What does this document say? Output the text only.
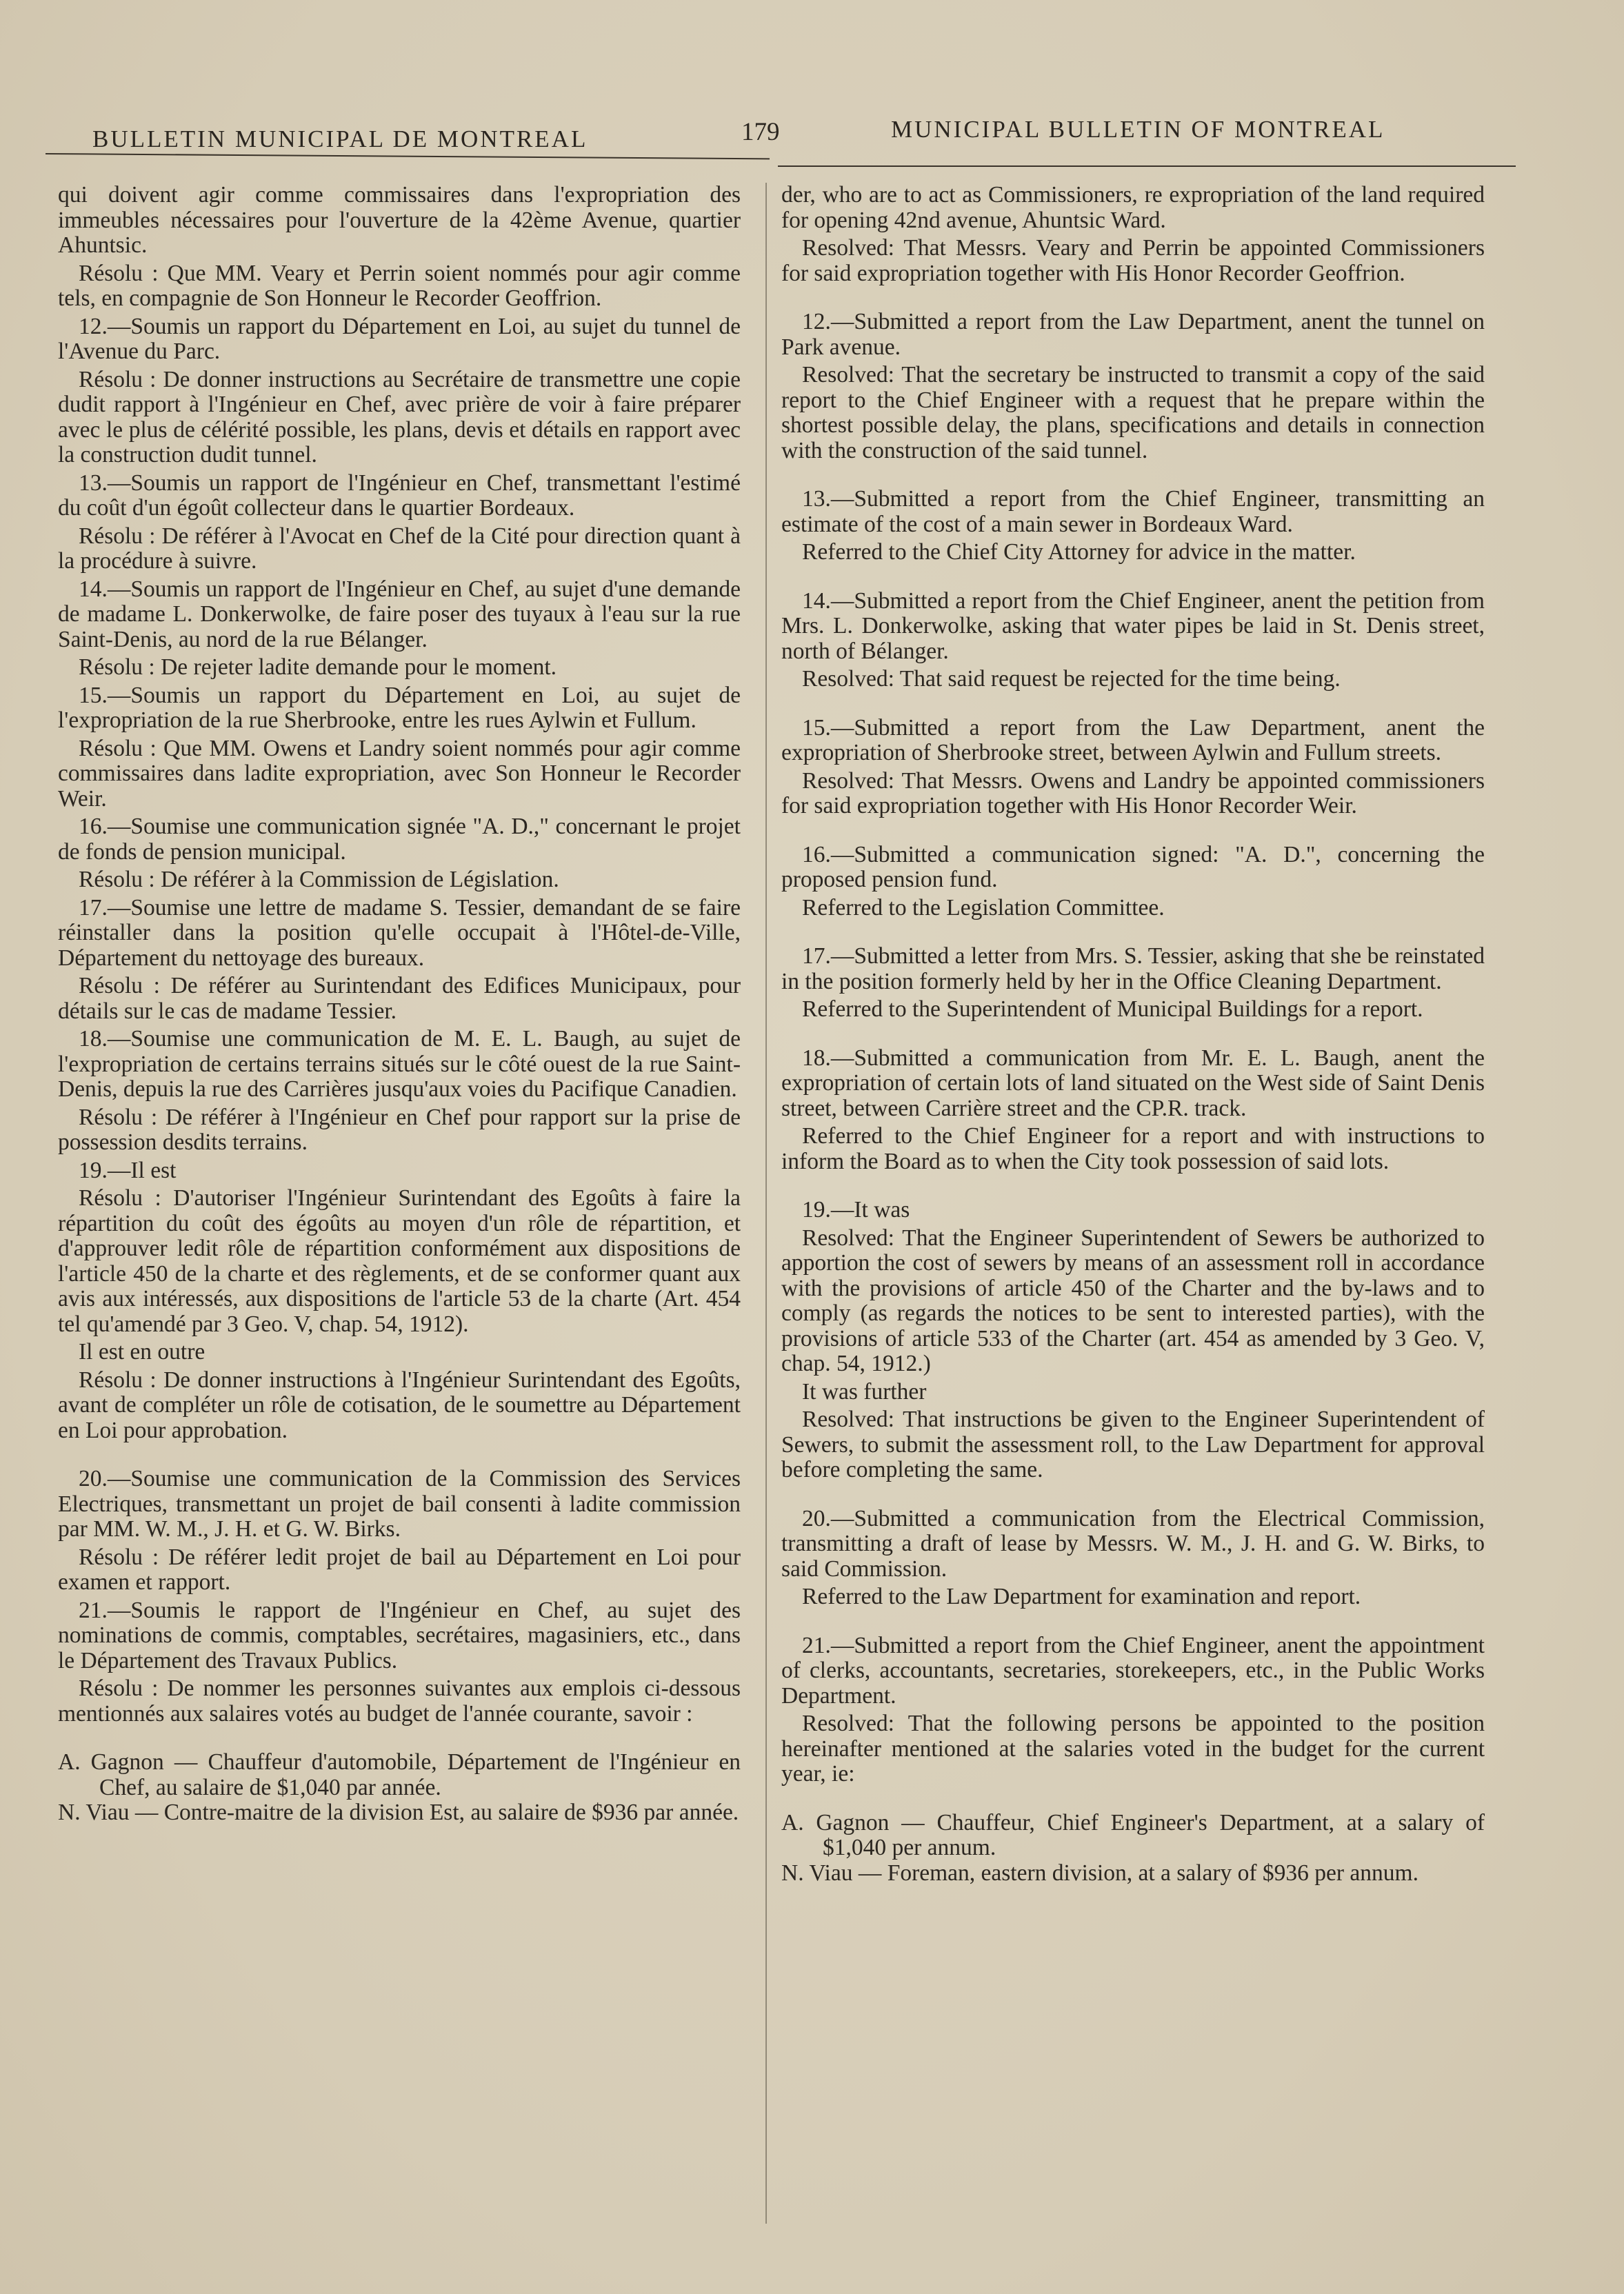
BULLETIN MUNICIPAL DE MONTREAL	179	MUNICIPAL BULLETIN OF MONTREAL

qui doivent agir comme commissaires dans l'expropriation des immeubles nécessaires pour l'ouverture de la 42ème Avenue, quartier Ahuntsic.

Résolu : Que MM. Veary et Perrin soient nommés pour agir comme tels, en compagnie de Son Honneur le Recorder Geoffrion.

12.—Soumis un rapport du Département en Loi, au sujet du tunnel de l'Avenue du Parc.

Résolu : De donner instructions au Secrétaire de transmettre une copie dudit rapport à l'Ingénieur en Chef, avec prière de voir à faire préparer avec le plus de célérité possible, les plans, devis et détails en rapport avec la construction dudit tunnel.

13.—Soumis un rapport de l'Ingénieur en Chef, transmettant l'estimé du coût d'un égoût collecteur dans le quartier Bordeaux.

Résolu : De référer à l'Avocat en Chef de la Cité pour direction quant à la procédure à suivre.

14.—Soumis un rapport de l'Ingénieur en Chef, au sujet d'une demande de madame L. Donkerwolke, de faire poser des tuyaux à l'eau sur la rue Saint-Denis, au nord de la rue Bélanger.

Résolu : De rejeter ladite demande pour le moment.

15.—Soumis un rapport du Département en Loi, au sujet de l'expropriation de la rue Sherbrooke, entre les rues Aylwin et Fullum.

Résolu : Que MM. Owens et Landry soient nommés pour agir comme commissaires dans ladite expropriation, avec Son Honneur le Recorder Weir.

16.—Soumise une communication signée "A. D.," concernant le projet de fonds de pension municipal.

Résolu : De référer à la Commission de Législation.

17.—Soumise une lettre de madame S. Tessier, demandant de se faire réinstaller dans la position qu'elle occupait à l'Hôtel-de-Ville, Département du nettoyage des bureaux.

Résolu : De référer au Surintendant des Edifices Municipaux, pour détails sur le cas de madame Tessier.

18.—Soumise une communication de M. E. L. Baugh, au sujet de l'expropriation de certains terrains situés sur le côté ouest de la rue Saint-Denis, depuis la rue des Carrières jusqu'aux voies du Pacifique Canadien.

Résolu : De référer à l'Ingénieur en Chef pour rapport sur la prise de possession desdits terrains.

19.—Il est

Résolu : D'autoriser l'Ingénieur Surintendant des Egoûts à faire la répartition du coût des égoûts au moyen d'un rôle de répartition, et d'approuver ledit rôle de répartition conformément aux dispositions de l'article 450 de la charte et des règlements, et de se conformer quant aux avis aux intéressés, aux dispositions de l'article 53 de la charte (Art. 454 tel qu'amendé par 3 Geo. V, chap. 54, 1912).

Il est en outre

Résolu : De donner instructions à l'Ingénieur Surintendant des Egoûts, avant de compléter un rôle de cotisation, de le soumettre au Département en Loi pour approbation.

20.—Soumise une communication de la Commission des Services Electriques, transmettant un projet de bail consenti à ladite commission par MM. W. M., J. H. et G. W. Birks.

Résolu : De référer ledit projet de bail au Département en Loi pour examen et rapport.

21.—Soumis le rapport de l'Ingénieur en Chef, au sujet des nominations de commis, comptables, secrétaires, magasiniers, etc., dans le Département des Travaux Publics.

Résolu : De nommer les personnes suivantes aux emplois ci-dessous mentionnés aux salaires votés au budget de l'année courante, savoir :

A. Gagnon — Chauffeur d'automobile, Département de l'Ingénieur en Chef, au salaire de $1,040 par année.

N. Viau — Contre-maitre de la division Est, au salaire de $936 par année.

der, who are to act as Commissioners, re expropriation of the land required for opening 42nd avenue, Ahuntsic Ward.

Resolved: That Messrs. Veary and Perrin be appointed Commissioners for said expropriation together with His Honor Recorder Geoffrion.

12.—Submitted a report from the Law Department, anent the tunnel on Park avenue.

Resolved: That the secretary be instructed to transmit a copy of the said report to the Chief Engineer with a request that he prepare within the shortest possible delay, the plans, specifications and details in connection with the construction of the said tunnel.

13.—Submitted a report from the Chief Engineer, transmitting an estimate of the cost of a main sewer in Bordeaux Ward.

Referred to the Chief City Attorney for advice in the matter.

14.—Submitted a report from the Chief Engineer, anent the petition from Mrs. L. Donkerwolke, asking that water pipes be laid in St. Denis street, north of Bélanger.

Resolved: That said request be rejected for the time being.

15.—Submitted a report from the Law Department, anent the expropriation of Sherbrooke street, between Aylwin and Fullum streets.

Resolved: That Messrs. Owens and Landry be appointed commissioners for said expropriation together with His Honor Recorder Weir.

16.—Submitted a communication signed: "A. D.", concerning the proposed pension fund.

Referred to the Legislation Committee.

17.—Submitted a letter from Mrs. S. Tessier, asking that she be reinstated in the position formerly held by her in the Office Cleaning Department.

Referred to the Superintendent of Municipal Buildings for a report.

18.—Submitted a communication from Mr. E. L. Baugh, anent the expropriation of certain lots of land situated on the West side of Saint Denis street, between Carrière street and the CP.R. track.

Referred to the Chief Engineer for a report and with instructions to inform the Board as to when the City took possession of said lots.

19.—It was

Resolved: That the Engineer Superintendent of Sewers be authorized to apportion the cost of sewers by means of an assessment roll in accordance with the provisions of article 450 of the Charter and the by-laws and to comply (as regards the notices to be sent to interested parties), with the provisions of article 533 of the Charter (art. 454 as amended by 3 Geo. V, chap. 54, 1912.)

It was further

Resolved: That instructions be given to the Engineer Superintendent of Sewers, to submit the assessment roll, to the Law Department for approval before completing the same.

20.—Submitted a communication from the Electrical Commission, transmitting a draft of lease by Messrs. W. M., J. H. and G. W. Birks, to said Commission.

Referred to the Law Department for examination and report.

21.—Submitted a report from the Chief Engineer, anent the appointment of clerks, accountants, secretaries, storekeepers, etc., in the Public Works Department.

Resolved: That the following persons be appointed to the position hereinafter mentioned at the salaries voted in the budget for the current year, ie:

A. Gagnon — Chauffeur, Chief Engineer's Department, at a salary of $1,040 per annum.

N. Viau — Foreman, eastern division, at a salary of $936 per annum.
